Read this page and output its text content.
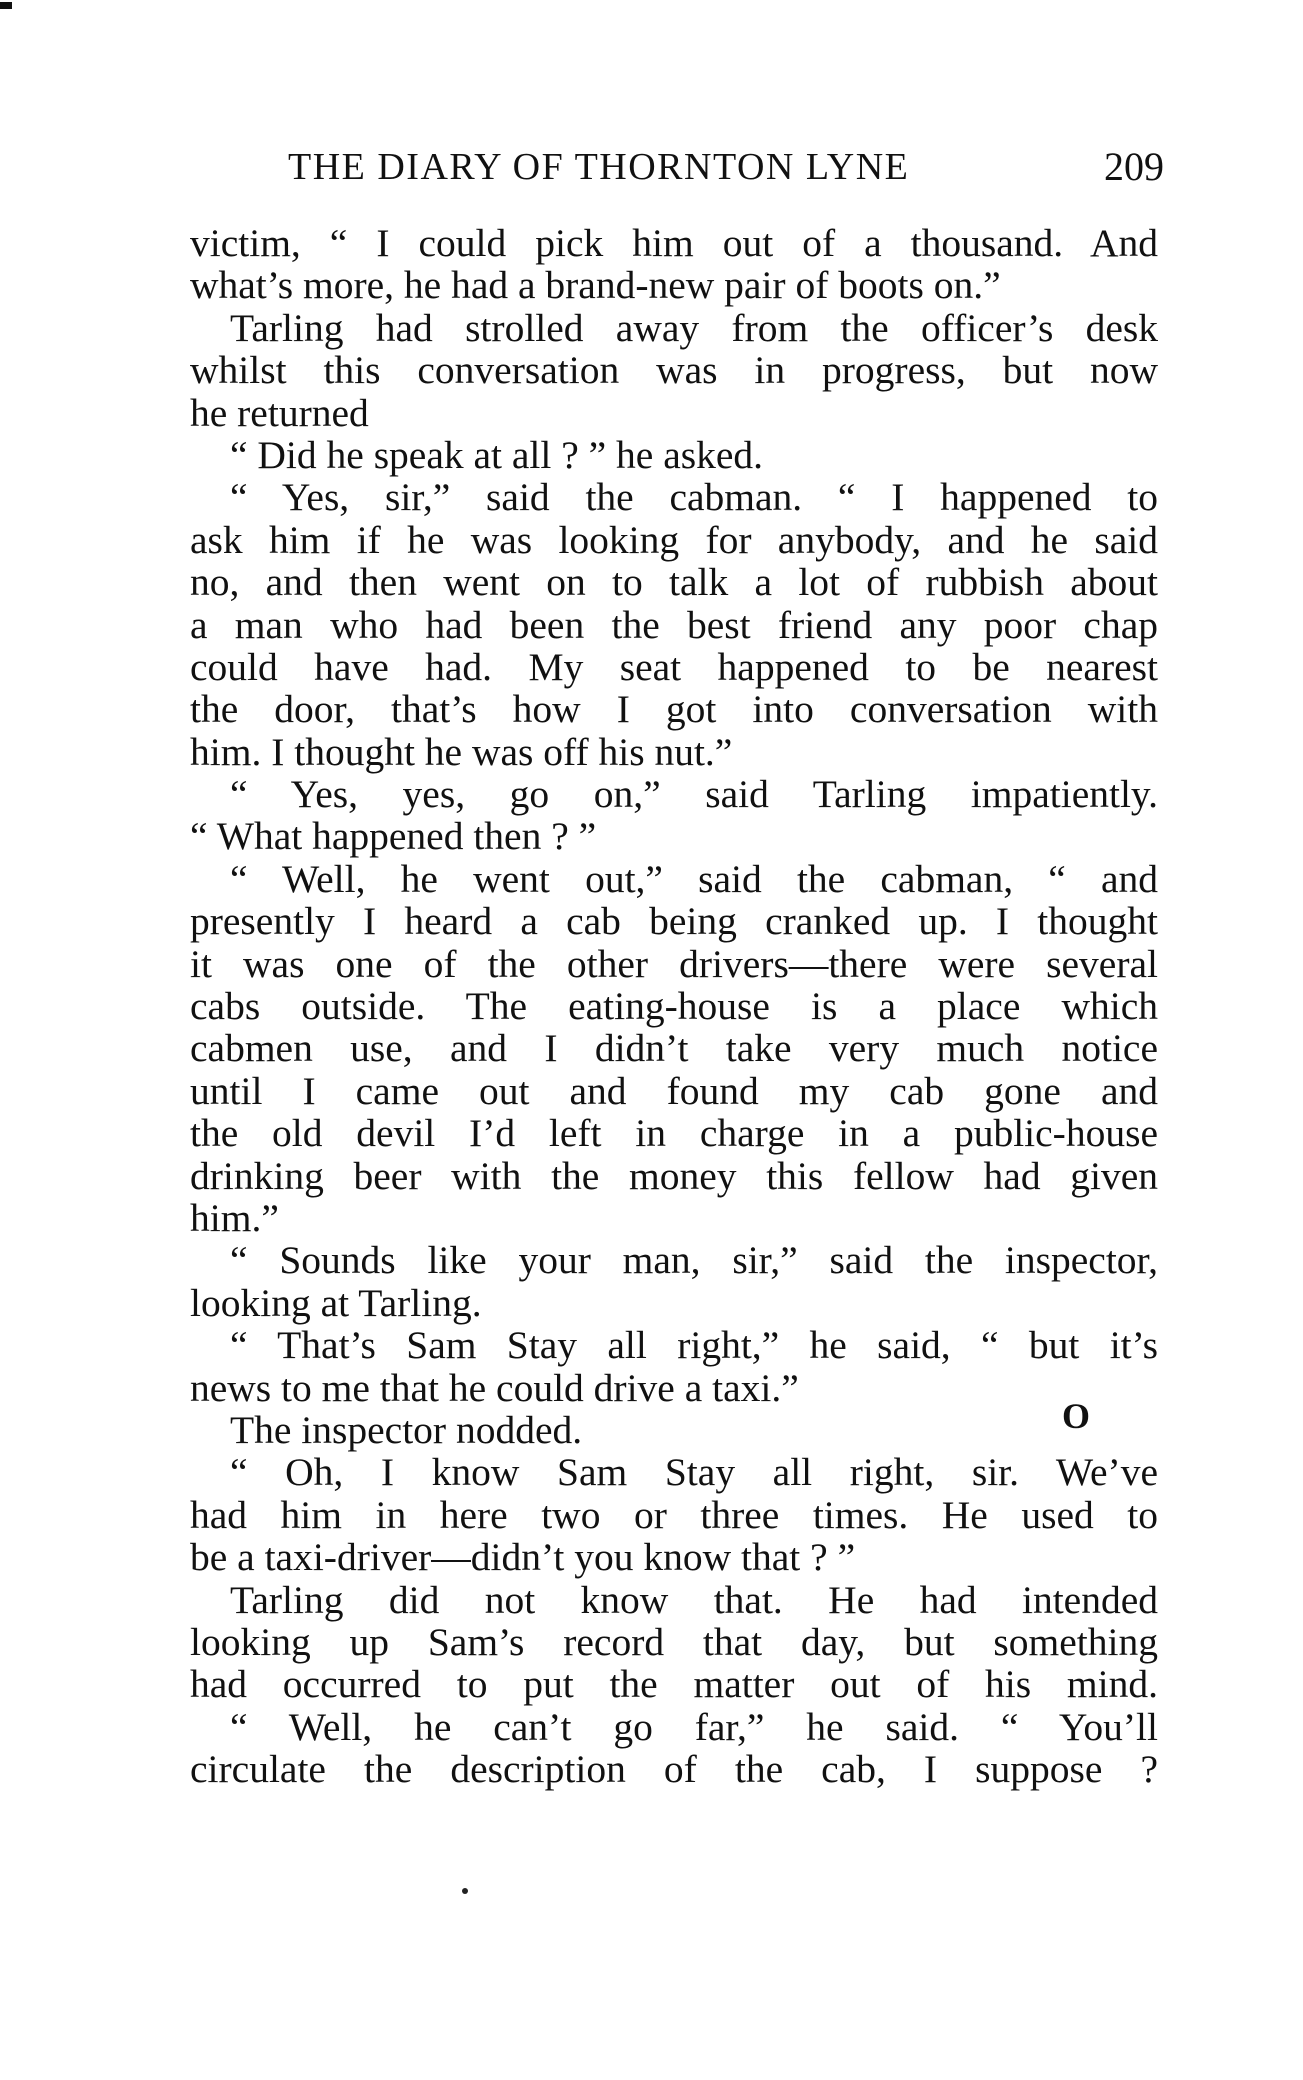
THE DIARY OF THORNTON LYNE	209
victim, “ I could pick him out of a thousand. And
what’s more, he had a brand-new pair of boots on.”
Tarling had strolled away from the officer’s desk
whilst this conversation was in progress, but now
he returned
“ Did he speak at all ? ” he asked.
“ Yes, sir,” said the cabman. “ I happened to
ask him if he was looking for anybody, and he said
no, and then went on to talk a lot of rubbish about
a man who had been the best friend any poor chap
could have had. My seat happened to be nearest
the door, that’s how I got into conversation with
him. I thought he was off his nut.”
“ Yes, yes, go on,” said Tarling impatiently.
“ What happened then ? ”
“ Well, he went out,” said the cabman, “ and
presently I heard a cab being cranked up. I thought
it was one of the other drivers—there were several
cabs outside. The eating-house is a place which
cabmen use, and I didn’t take very much notice
until I came out and found my cab gone and
the old devil I’d left in charge in a public-house
drinking beer with the money this fellow had given
him.”
“ Sounds like your man, sir,” said the inspector,
looking at Tarling.
“ That’s Sam Stay all right,” he said, “ but it’s
news to me that he could drive a taxi.”
The inspector nodded.
“ Oh, I know Sam Stay all right, sir. We’ve
had him in here two or three times. He used to
be a taxi-driver—didn’t you know that ? ”
Tarling did not know that. He had intended
looking up Sam’s record that day, but something
had occurred to put the matter out of his mind.
“ Well, he can’t go far,” he said. “ You’ll
circulate the description of the cab, I suppose ?
O
